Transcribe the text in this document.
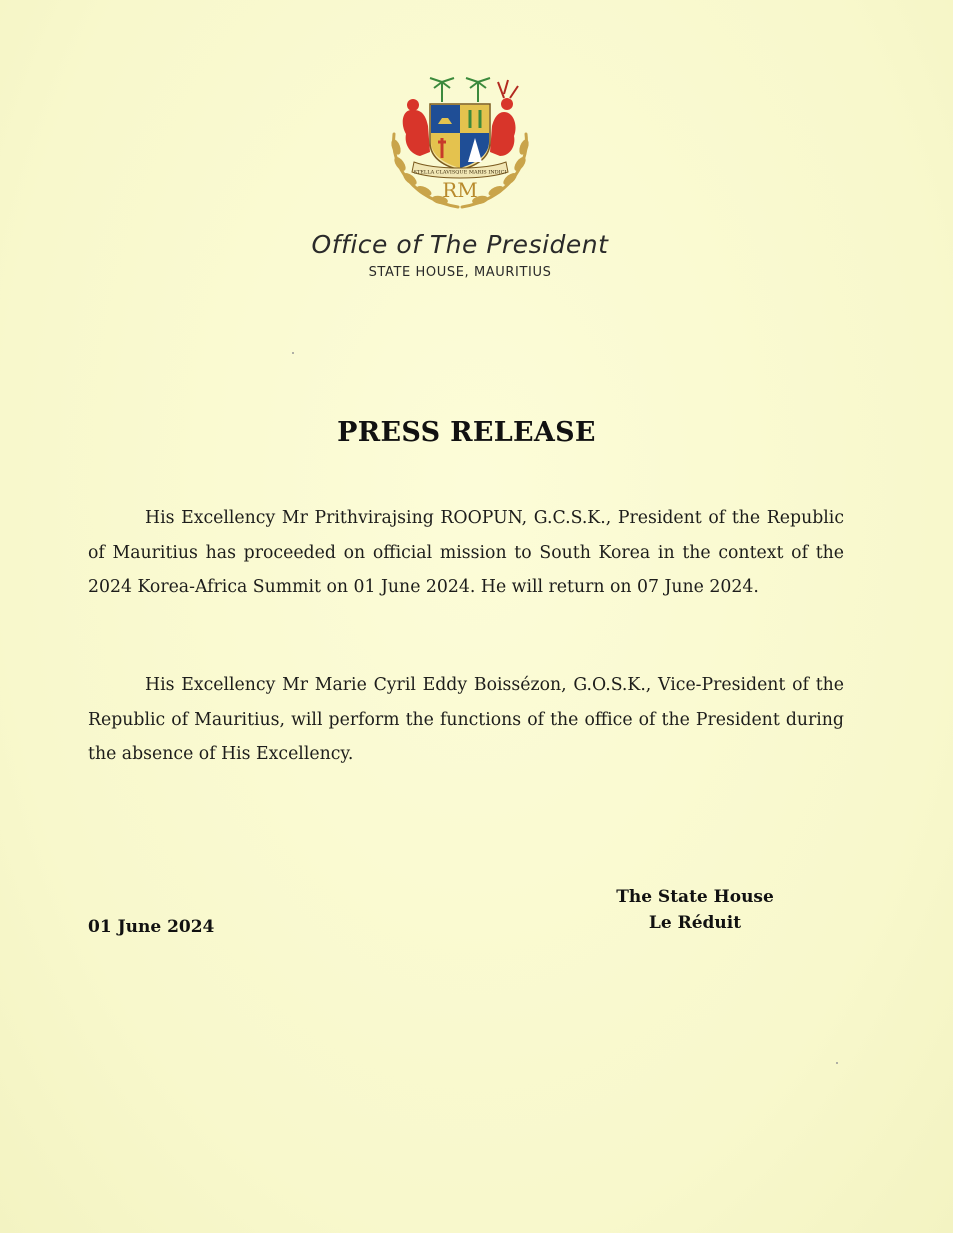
STELLA CLAVISQUE MARIS INDICI
RM
Office of The President
STATE HOUSE, MAURITIUS
PRESS RELEASE
His Excellency Mr Prithvirajsing ROOPUN, G.C.S.K., President of the Republic of Mauritius has proceeded on official mission to South Korea in the context of the 2024 Korea-Africa Summit on 01 June 2024. He will return on 07 June 2024.
His Excellency Mr Marie Cyril Eddy Boissézon, G.O.S.K., Vice-President of the Republic of Mauritius, will perform the functions of the office of the President during the absence of His Excellency.
01 June 2024
The State House
Le Réduit
